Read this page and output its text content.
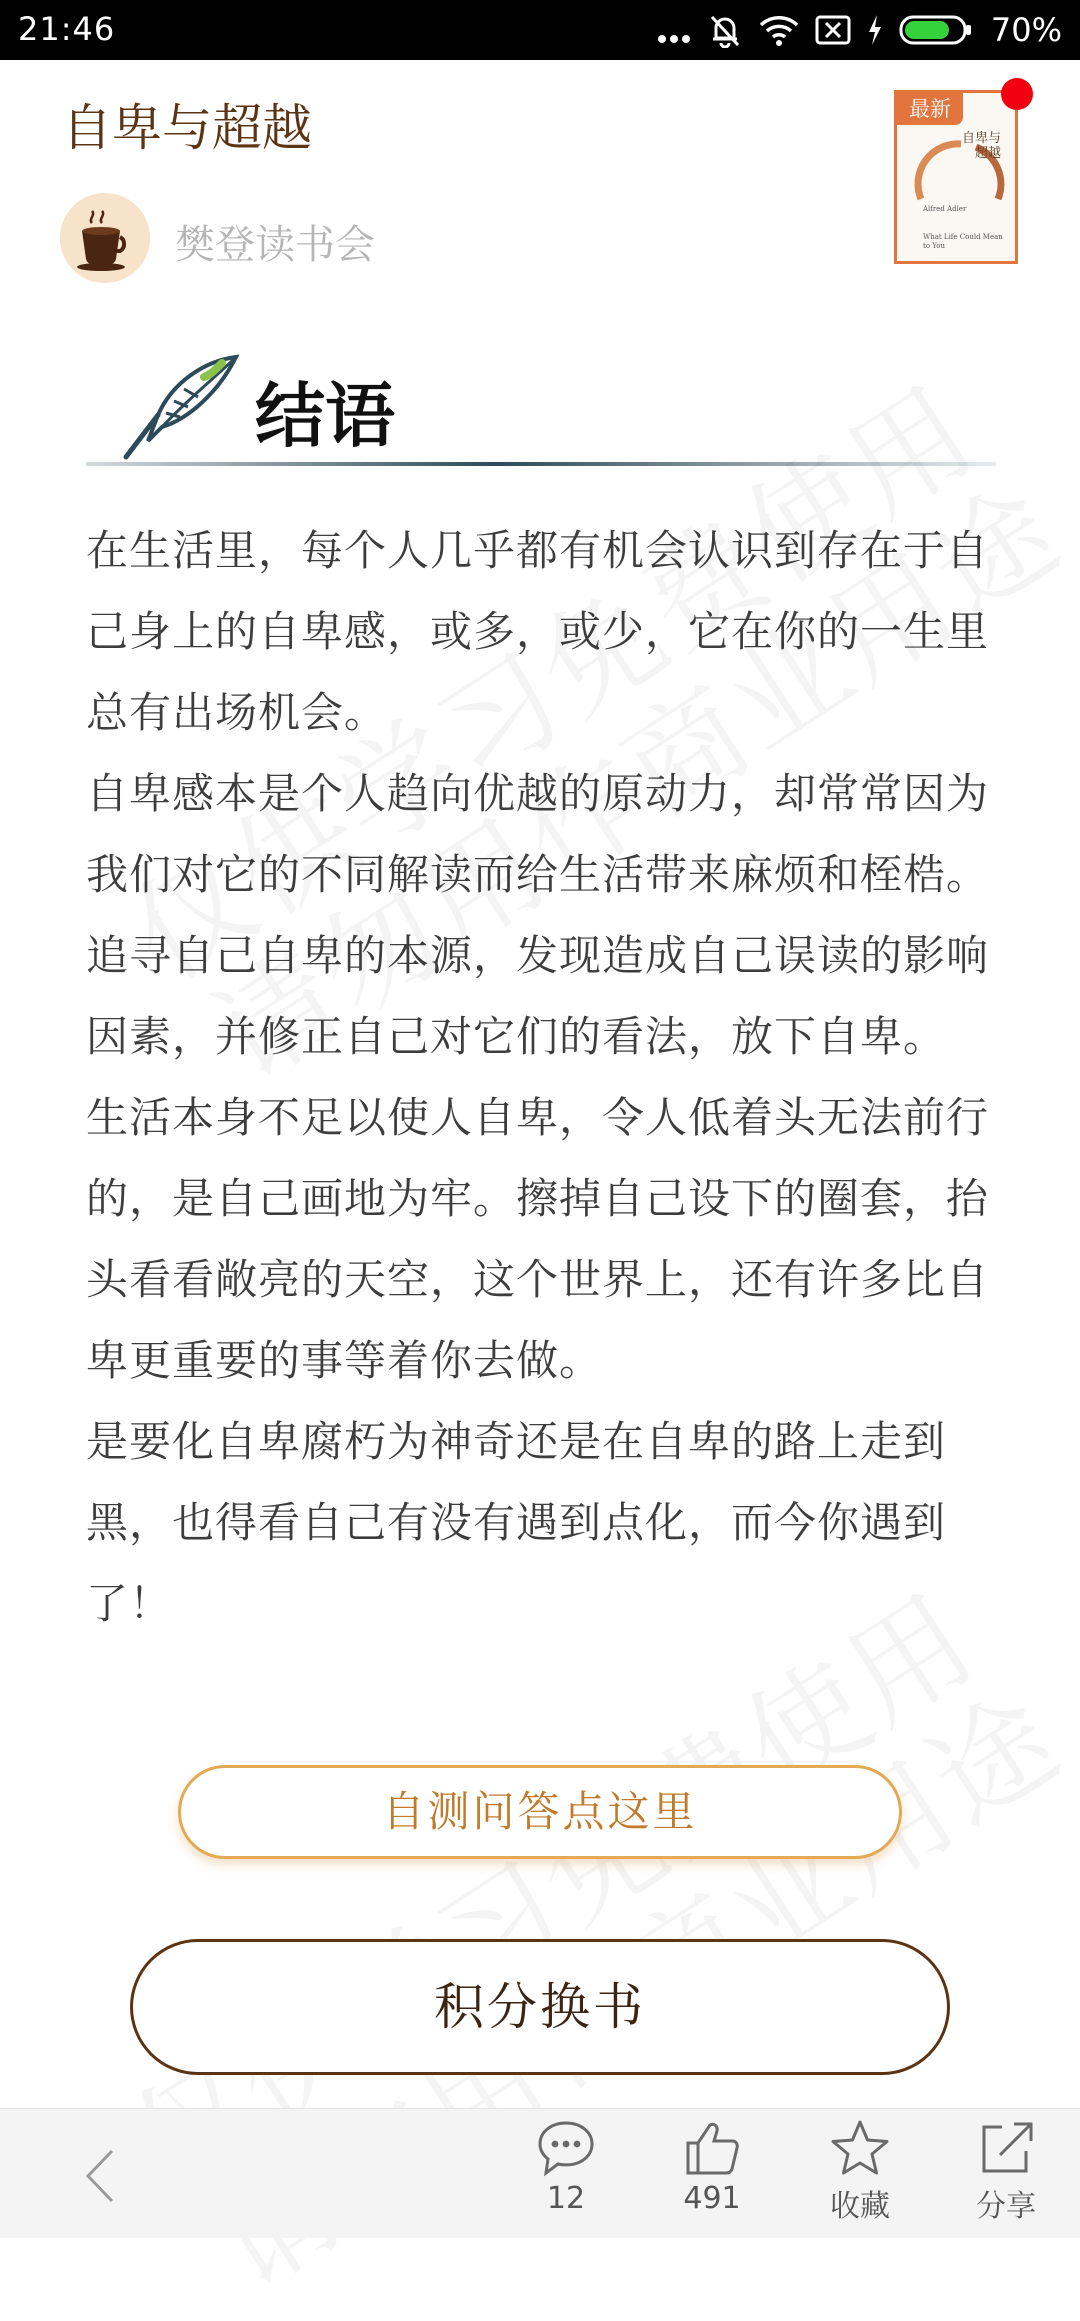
21:46	70%
自卑与超越
樊登读书会
最新
自卑与超越
Alfred Adler
What Life Could Mean to You
结语

在生活里，每个人几乎都有机会认识到存在于自己身上的自卑感，或多，或少，它在你的一生里总有出场机会。

自卑感本是个人趋向优越的原动力，却常常因为我们对它的不同解读而给生活带来麻烦和桎梏。追寻自己自卑的本源，发现造成自己误读的影响因素，并修正自己对它们的看法，放下自卑。

生活本身不足以使人自卑，令人低着头无法前行的，是自己画地为牢。擦掉自己设下的圈套，抬头看看敞亮的天空，这个世界上，还有许多比自卑更重要的事等着你去做。

是要化自卑腐朽为神奇还是在自卑的路上走到黑，也得看自己有没有遇到点化，而今你遇到了！

自测问答点这里
积分换书
12	491	收藏	分享
